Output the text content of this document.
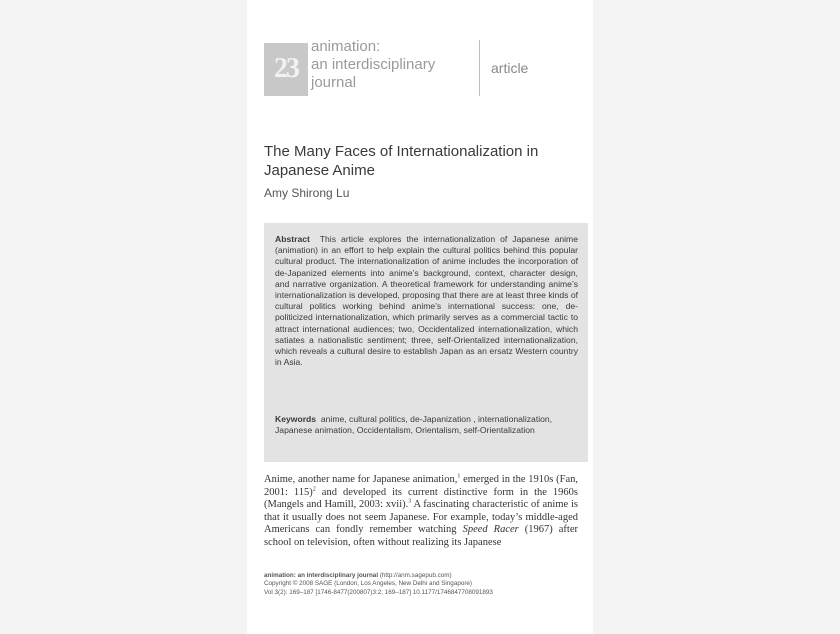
23
animation:
an interdisciplinary
journal
article
The Many Faces of Internationalization in
Japanese Anime
Amy Shirong Lu
Abstract This article explores the internationalization of Japanese anime (animation) in an effort to help explain the cultural politics behind this popular cultural product. The internationalization of anime includes the incorporation of de-Japanized elements into anime’s background, context, character design, and narrative organization. A theoretical framework for understanding anime’s internationalization is developed, proposing that there are at least three kinds of cultural politics working behind anime’s international success: one, de-politicized internationalization, which primarily serves as a commercial tactic to attract international audiences; two, Occidentalized internationalization, which satiates a nationalistic sentiment; three, self-Orientalized internationalization, which reveals a cultural desire to establish Japan as an ersatz Western country in Asia.
Keywords anime, cultural politics, de-Japanization , internationalization, Japanese animation, Occidentalism, Orientalism, self-Orientalization
Anime, another name for Japanese animation,$^1$ emerged in the 1910s (Fan, 2001: 115)$^2$ and developed its current distinctive form in the 1960s (Mangels and Hamill, 2003: xvii).$^3$ A fascinating characteristic of anime is that it usually does not seem Japanese. For example, today’s middle-aged Americans can fondly remember watching Speed Racer (1967) after school on television, often without realizing its Japanese
animation: an interdisciplinary journal (http://anm.sagepub.com)
Copyright © 2008 SAGE (London, Los Angeles, New Delhi and Singapore)
Vol 3(2): 169–187 [1746-8477(200807)3:2; 169–187] 10.1177/1746847708091893
